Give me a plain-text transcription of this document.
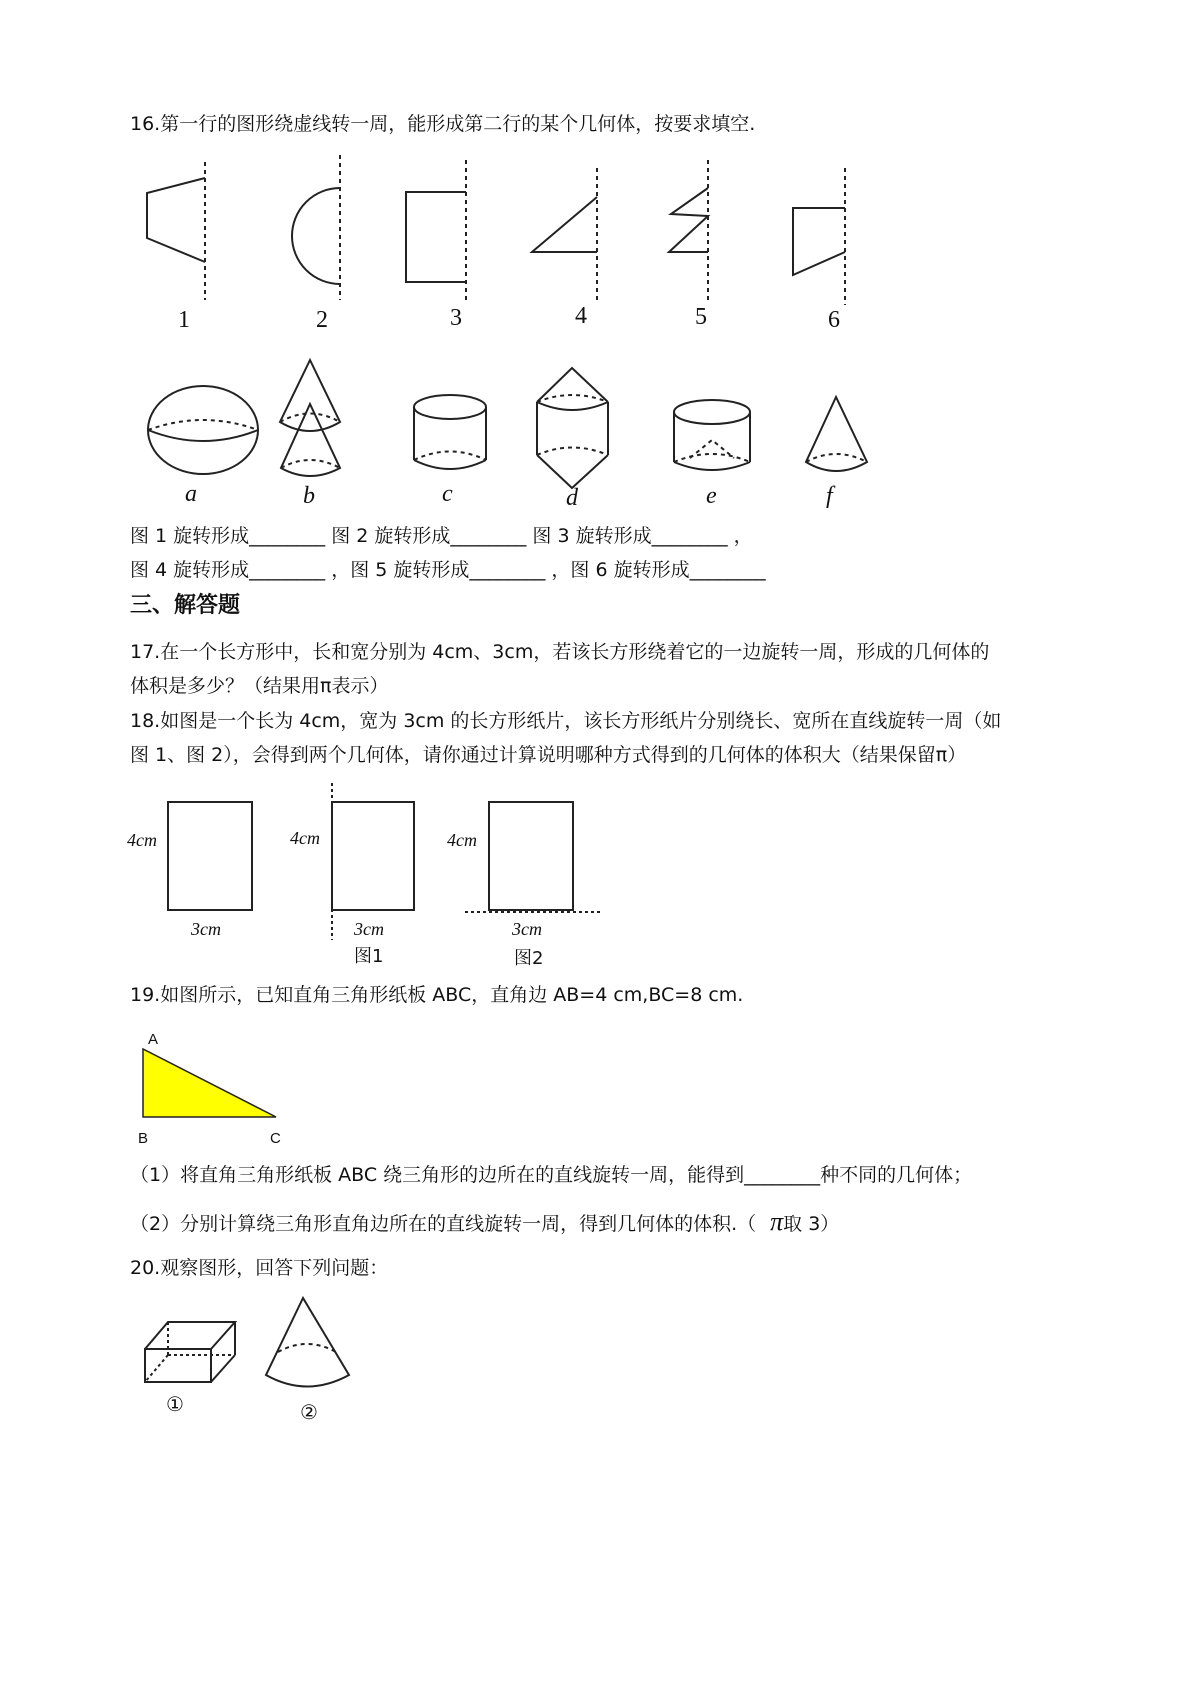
16.第一行的图形绕虚线转一周，能形成第二行的某个几何体，按要求填空.
1	2	3	4	5	6
a	b	c	d	e	f
图 1 旋转形成________ 图 2 旋转形成________ 图 3 旋转形成________ ，
图 4 旋转形成________ ，图 5 旋转形成________ ，图 6 旋转形成________
三、解答题
17.在一个长方形中，长和宽分别为 4cm、3cm，若该长方形绕着它的一边旋转一周，形成的几何体的
体积是多少？（结果用π表示）
18.如图是一个长为 4cm，宽为 3cm 的长方形纸片，该长方形纸片分别绕长、宽所在直线旋转一周（如
图 1、图 2），会得到两个几何体，请你通过计算说明哪种方式得到的几何体的体积大（结果保留π）
4cm
3cm
4cm
3cm
图1
4cm
3cm
图2
19.如图所示，已知直角三角形纸板 ABC，直角边 AB=4 cm,BC=8 cm.
A
B	C
（1）将直角三角形纸板 ABC 绕三角形的边所在的直线旋转一周，能得到________种不同的几何体；
（2）分别计算绕三角形直角边所在的直线旋转一周，得到几何体的体积.（ π取 3）
20.观察图形，回答下列问题：
①	②
